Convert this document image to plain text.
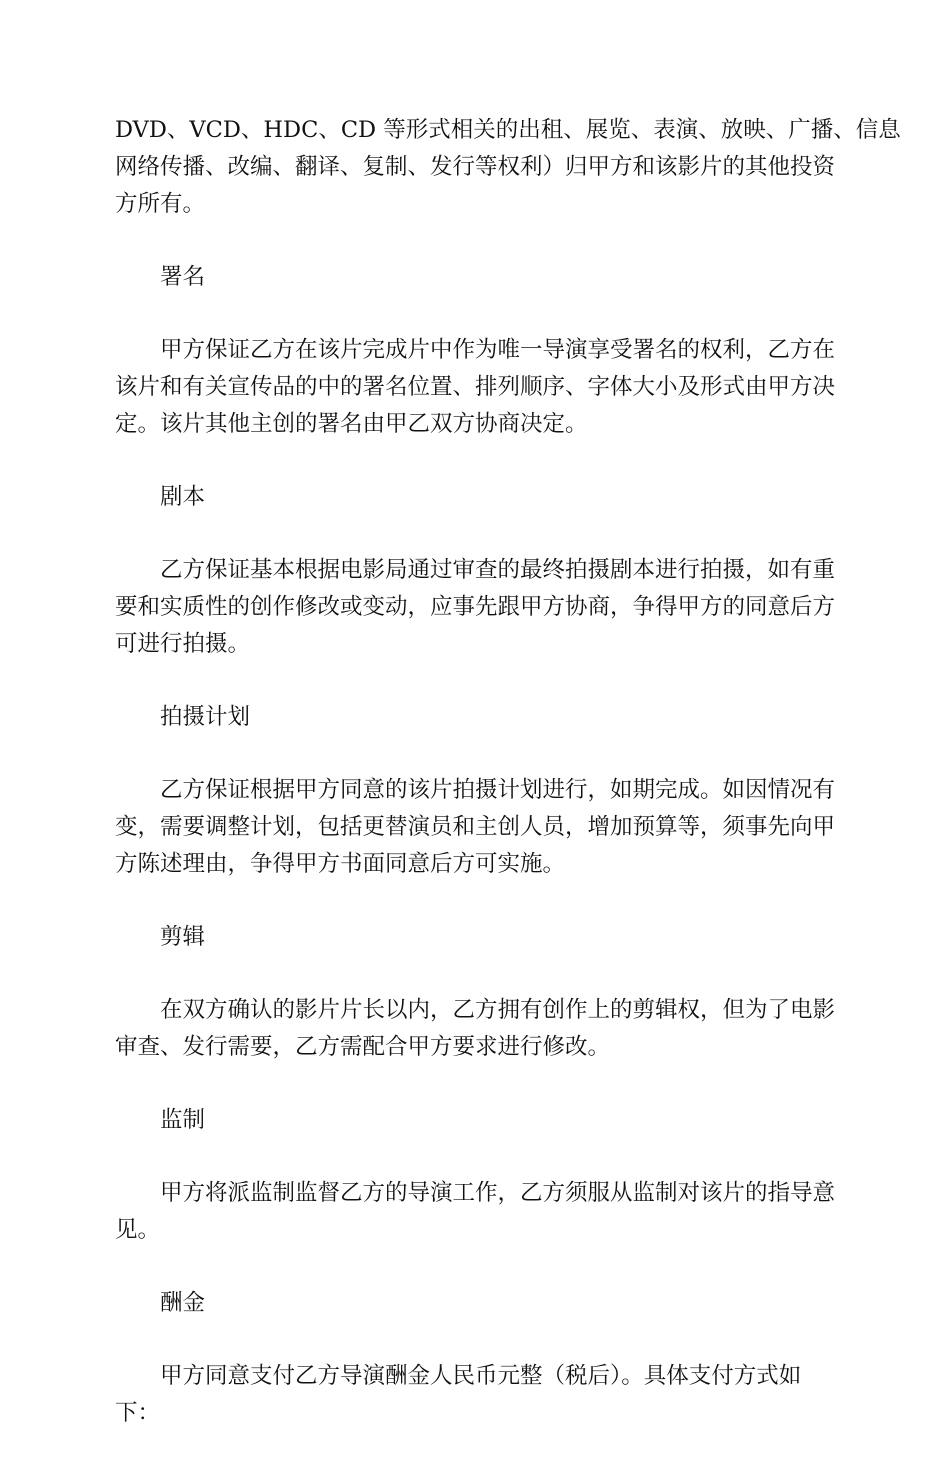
DVD、VCD、HDC、CD 等形式相关的出租、展览、表演、放映、广播、信息
网络传播、改编、翻译、复制、发行等权利）归甲方和该影片的其他投资
方所有。
署名
甲方保证乙方在该片完成片中作为唯一导演享受署名的权利，乙方在
该片和有关宣传品的中的署名位置、排列顺序、字体大小及形式由甲方决
定。该片其他主创的署名由甲乙双方协商决定。
剧本
乙方保证基本根据电影局通过审查的最终拍摄剧本进行拍摄，如有重
要和实质性的创作修改或变动，应事先跟甲方协商，争得甲方的同意后方
可进行拍摄。
拍摄计划
乙方保证根据甲方同意的该片拍摄计划进行，如期完成。如因情况有
变，需要调整计划，包括更替演员和主创人员，增加预算等，须事先向甲
方陈述理由，争得甲方书面同意后方可实施。
剪辑
在双方确认的影片片长以内，乙方拥有创作上的剪辑权，但为了电影
审查、发行需要，乙方需配合甲方要求进行修改。
监制
甲方将派监制监督乙方的导演工作，乙方须服从监制对该片的指导意
见。
酬金
甲方同意支付乙方导演酬金人民币元整（税后）。具体支付方式如
下：
